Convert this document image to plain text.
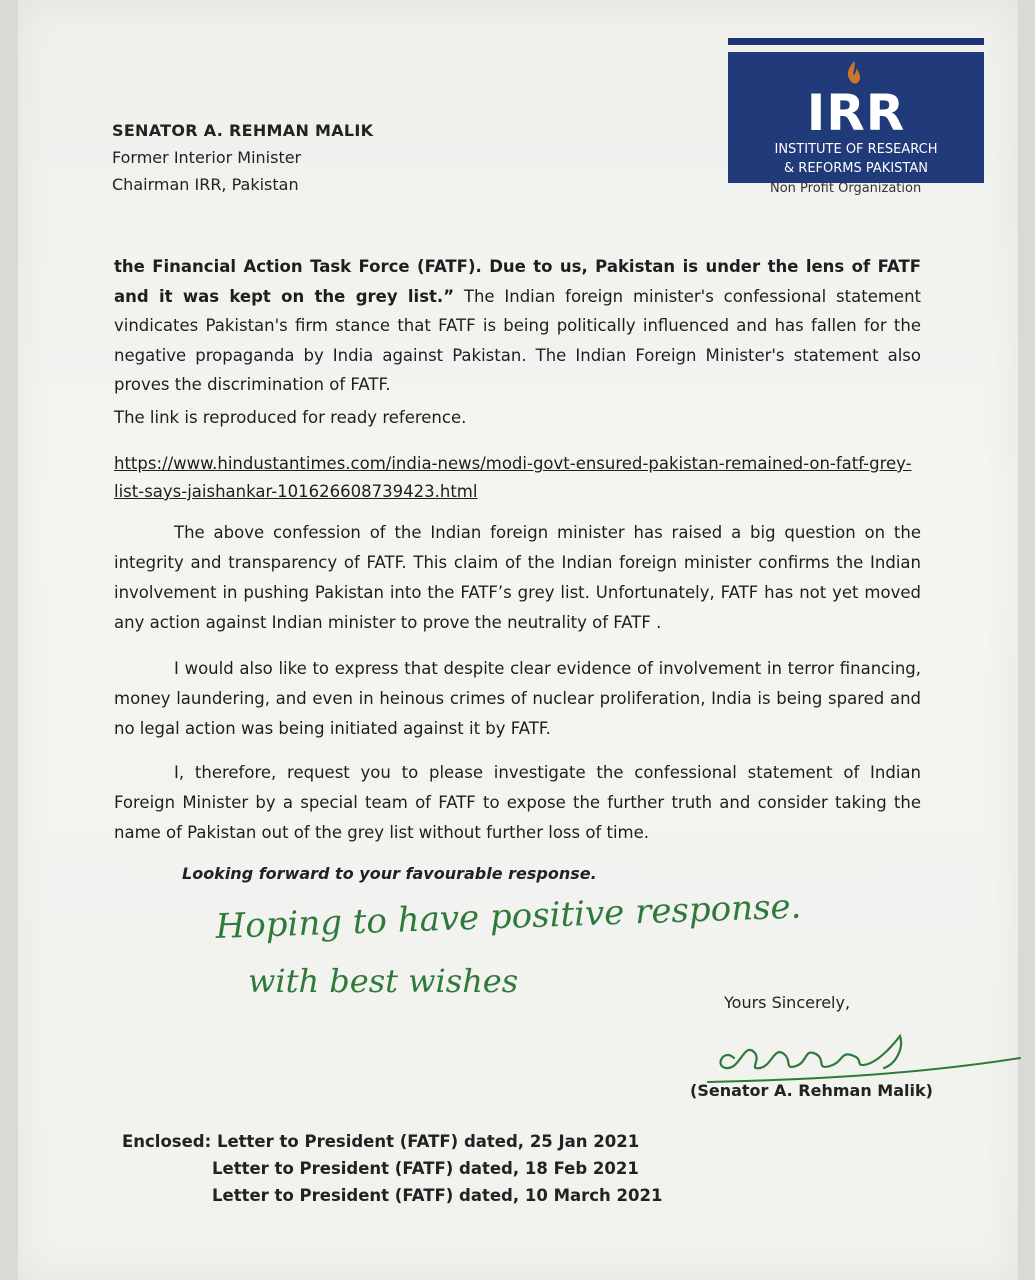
SENATOR A. REHMAN MALIK
Former Interior Minister
Chairman IRR, Pakistan
IRR
INSTITUTE OF RESEARCH
& REFORMS PAKISTAN
Non Profit Organization
the Financial Action Task Force (FATF). Due to us, Pakistan is under the lens of FATF and it was kept on the grey list.” The Indian foreign minister's confessional statement vindicates Pakistan's firm stance that FATF is being politically influenced and has fallen for the negative propaganda by India against Pakistan. The Indian Foreign Minister's statement also proves the discrimination of FATF.
The link is reproduced for ready reference.
https://www.hindustantimes.com/india-news/modi-govt-ensured-pakistan-remained-on-fatf-grey-list-says-jaishankar-101626608739423.html
The above confession of the Indian foreign minister has raised a big question on the integrity and transparency of FATF. This claim of the Indian foreign minister confirms the Indian involvement in pushing Pakistan into the FATF’s grey list. Unfortunately, FATF has not yet moved any action against Indian minister to prove the neutrality of FATF .
I would also like to express that despite clear evidence of involvement in terror financing, money laundering, and even in heinous crimes of nuclear proliferation, India is being spared and no legal action was being initiated against it by FATF.
I, therefore, request you to please investigate the confessional statement of Indian Foreign Minister by a special team of FATF to expose the further truth and consider taking the name of Pakistan out of the grey list without further loss of time.
Looking forward to your favourable response.
Hoping to have positive response.
with best wishes
Yours Sincerely,
(Senator A. Rehman Malik)
Enclosed: Letter to President (FATF) dated, 25 Jan 2021
Letter to President (FATF) dated, 18 Feb 2021
Letter to President (FATF) dated, 10 March 2021
